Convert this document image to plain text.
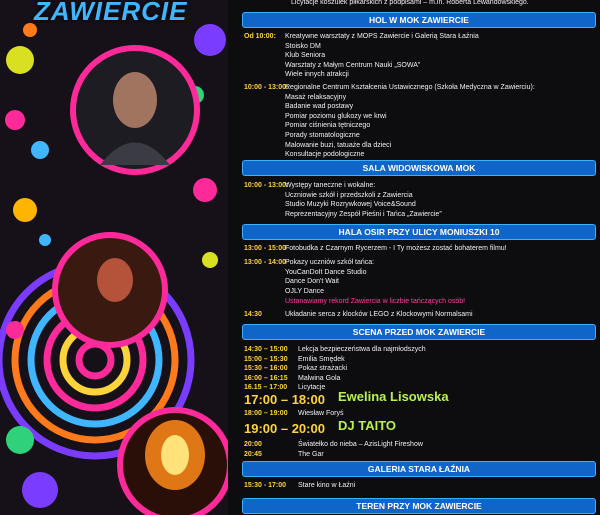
ZAWIERCIE	Licytacje koszulek piłkarskich z podpisami – m.in. Roberta Lewandowskiego.
HOL W MOK ZAWIERCIE
Od 10:00: Kreatywne warsztaty z MOPS Zawiercie i Galerią Stara Łaźnia
Stoisko DM
Klub Seniora
Warsztaty z Małym Centrum Nauki „SOWA”
Wiele innych atrakcji
10:00 - 13:00:
Regionalne Centrum Kształcenia Ustawicznego (Szkoła Medyczna w Zawierciu):
Masaż relaksacyjny
Badanie wad postawy
Pomiar poziomu glukozy we krwi
Pomiar ciśnienia tętniczego
Porady stomatologiczne
Malowanie buzi, tatuaże dla dzieci
Konsultacje podologiczne
SALA WIDOWISKOWA MOK
10:00 - 13:00:
Występy taneczne i wokalne:
Uczniowie szkół i przedszkoli z Zawiercia
Studio Muzyki Rozrywkowej Voice&Sound
Reprezentacyjny Zespół Pieśni i Tańca „Zawiercie”
HALA OSIR PRZY ULICY MONIUSZKI 10
13:00 - 15:00
Fotobudka z Czarnym Rycerzem - I Ty możesz zostać bohaterem filmu!
13:00 - 14:00
Pokazy uczniów szkół tańca:
YouCanDoIt Dance Studio
Dance Don't Wait
OJLY Dance
Ustanawiamy rekord Zawiercia w liczbie tańczących osób!
14:30	Układanie serca z klocków LEGO z Klockowymi Normalsami
SCENA PRZED MOK ZAWIERCIE
14:30 – 15:00
15:00 – 15:30
15:30 – 16:00
16:00 – 16:15
16.15 – 17:00
Lekcja bezpieczeństwa dla najmłodszych
Emilia Smędek
Pokaz strażacki
Malwina Gola
Licytacje
17:00 – 18:00 Ewelina Lisowska
18:00 – 19:00 Wiesław Foryś
19:00 – 20:00 DJ TAITO
20:00
20:45
Światełko do nieba – AzisLight Fireshow
The Gar
GALERIA STARA ŁAŹNIA
15:30 - 17:00 Stare kino w Łaźni
TEREN PRZY MOK ZAWIERCIE
